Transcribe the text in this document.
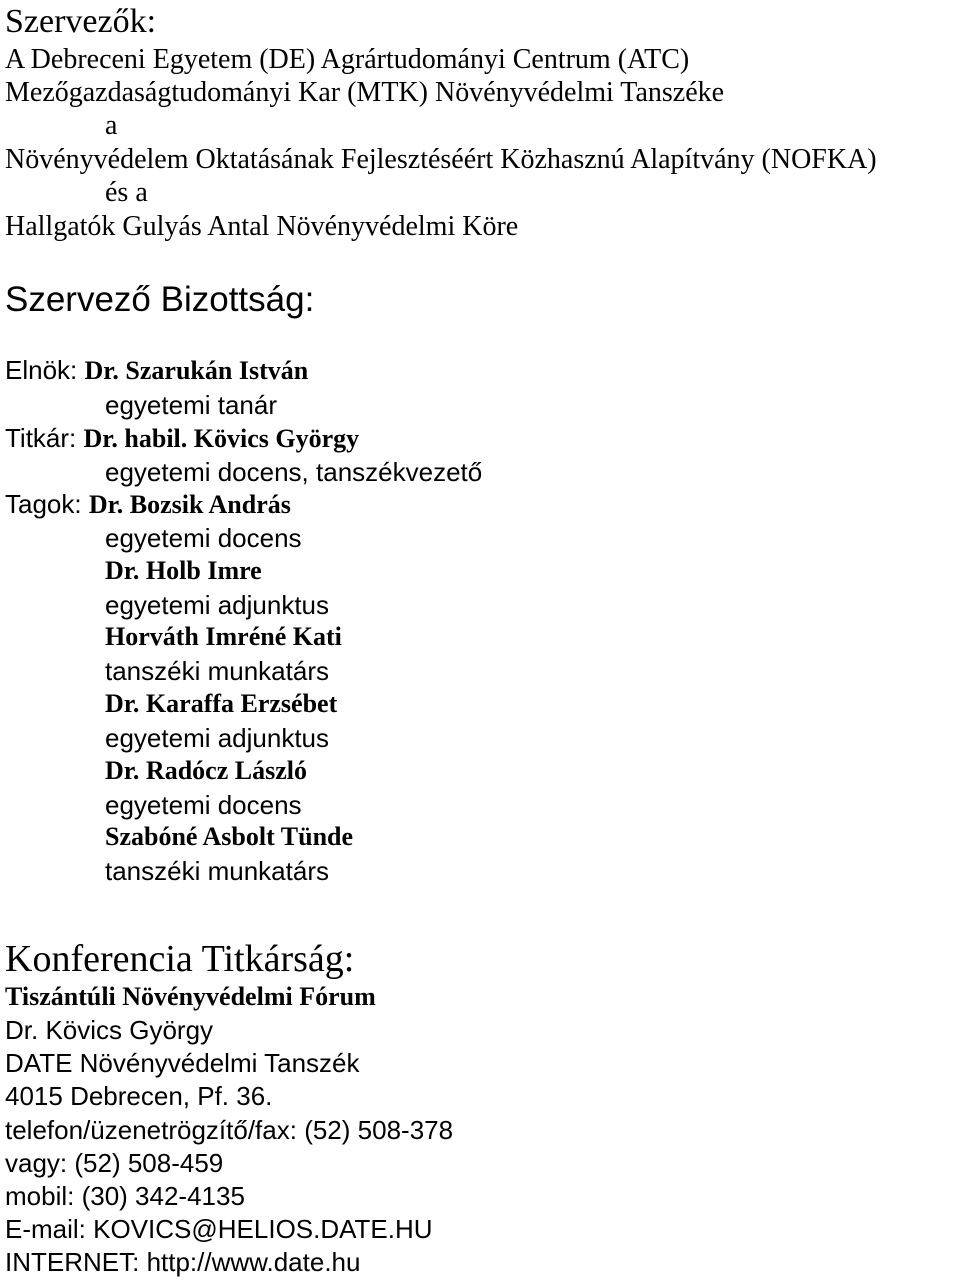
Szervezők:
A Debreceni Egyetem (DE) Agrártudományi Centrum (ATC)
Mezőgazdaságtudományi Kar (MTK) Növényvédelmi Tanszéke
a
Növényvédelem Oktatásának Fejlesztéséért Közhasznú Alapítvány (NOFKA)
és a
Hallgatók Gulyás Antal Növényvédelmi Köre
Szervező Bizottság:
Elnök: Dr. Szarukán István
egyetemi tanár
Titkár: Dr. habil. Kövics György
egyetemi docens, tanszékvezető
Tagok: Dr. Bozsik András
egyetemi docens
Dr. Holb Imre
egyetemi adjunktus
Horváth Imréné Kati
tanszéki munkatárs
Dr. Karaffa Erzsébet
egyetemi adjunktus
Dr. Radócz László
egyetemi docens
Szabóné Asbolt Tünde
tanszéki munkatárs
Konferencia Titkárság:
Tiszántúli Növényvédelmi Fórum
Dr. Kövics György
DATE Növényvédelmi Tanszék
4015 Debrecen, Pf. 36.
telefon/üzenetrögzítő/fax: (52) 508-378
vagy: (52) 508-459
mobil: (30) 342-4135
E-mail: KOVICS@HELIOS.DATE.HU
INTERNET: http://www.date.hu
